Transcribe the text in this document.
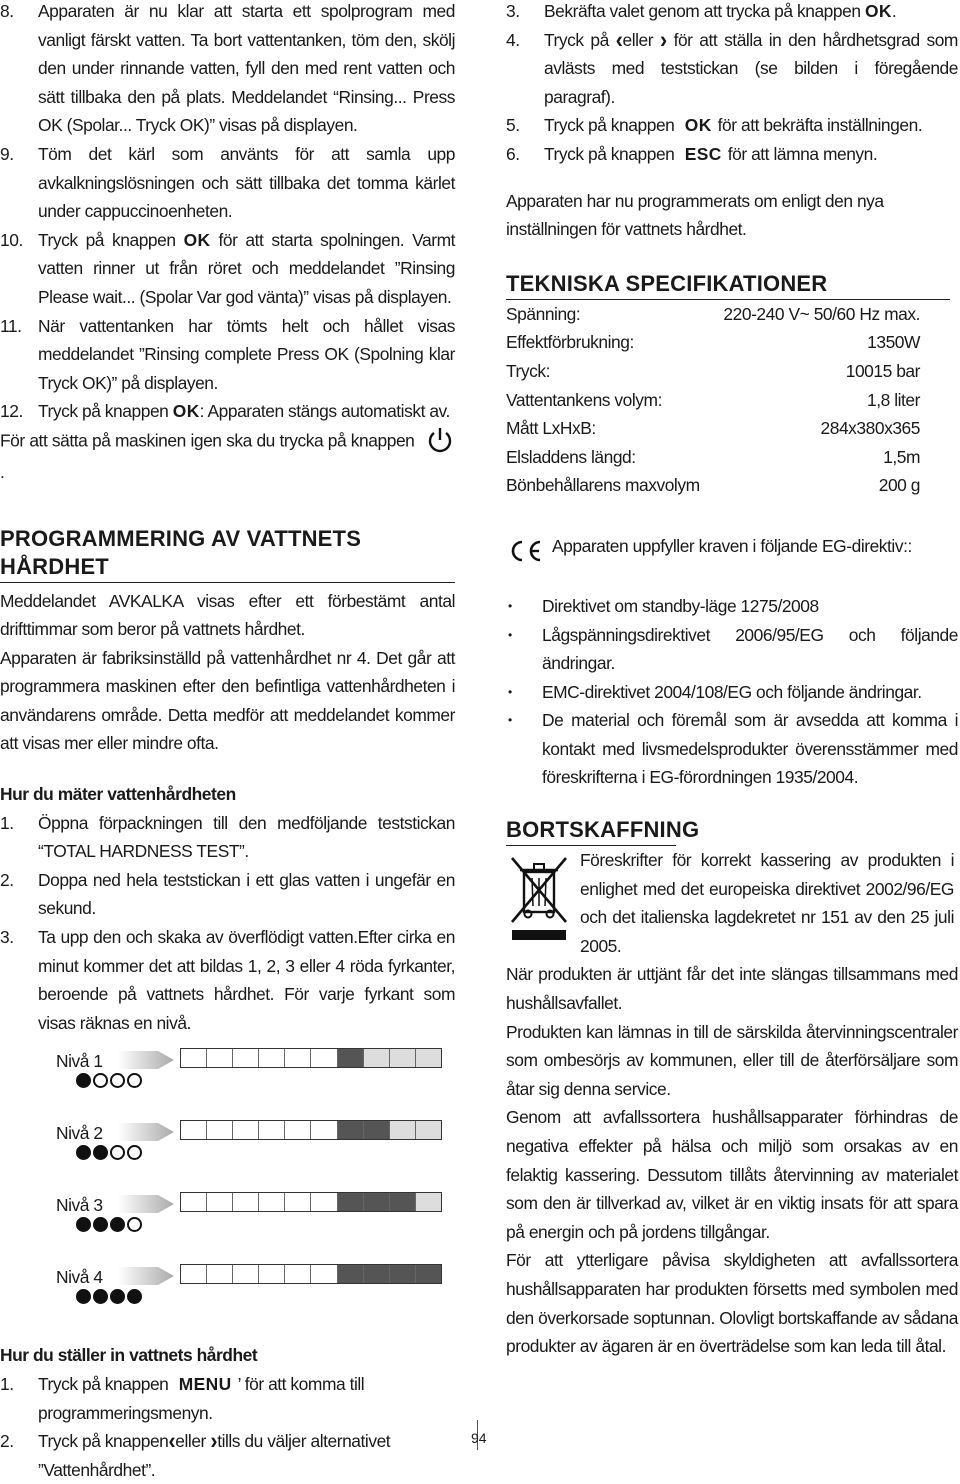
8.	Apparaten är nu klar att starta ett spolprogram med vanligt färskt vatten. Ta bort vattentanken, töm den, skölj den under rinnande vatten, fyll den med rent vatten och sätt tillbaka den på plats. Meddelandet “Rinsing... Press OK (Spolar... Tryck OK)” visas på displayen.
9.	Töm det kärl som använts för att samla upp avkalkningslösningen och sätt tillbaka det tomma kärlet under cappuccinoenheten.
10. Tryck på knappen OK för att starta spolningen. Varmt vatten rinner ut från röret och meddelandet ”Rinsing Please wait... (Spolar Var god vänta)” visas på displayen.
11. När vattentanken har tömts helt och hållet visas meddelandet ”Rinsing complete Press OK (Spolning klar Tryck OK)” på displayen.
12. Tryck på knappen OK: Apparaten stängs automatiskt av.

För att sätta på maskinen igen ska du trycka på knappen .

PROGRAMMERING AV VATTNETS HÅRDHET

Meddelandet AVKALKA visas efter ett förbestämt antal drifttimmar som beror på vattnets hårdhet.

Apparaten är fabriksinställd på vattenhårdhet nr 4. Det går att programmera maskinen efter den befintliga vattenhårdheten i användarens område. Detta medför att meddelandet kommer att visas mer eller mindre ofta.

Hur du mäter vattenhårdheten
1.	Öppna förpackningen till den medföljande teststickan “TOTAL HARDNESS TEST”.
2.	Doppa ned hela teststickan i ett glas vatten i ungefär en sekund.
3.	Ta upp den och skaka av överflödigt vatten.Efter cirka en minut kommer det att bildas 1, 2, 3 eller 4 röda fyrkanter, beroende på vattnets hårdhet. För varje fyrkant som visas räknas en nivå.
Nivå 1
Nivå 2
Nivå 3
Nivå 4
Hur du ställer in vattnets hårdhet
1.	Tryck på knappen MENU ’ för att komma till programmeringsmenyn.
2.	Tryck på knappen‹eller ›tills du väljer alternativet ”Vattenhårdhet”.
3.	Bekräfta valet genom att trycka på knappen OK.
4.	Tryck på ‹eller › för att ställa in den hårdhetsgrad som avlästs med teststickan (se bilden i föregående paragraf).
5.	Tryck på knappen OK för att bekräfta inställningen.
6.	Tryck på knappen ESC för att lämna menyn.

Apparaten har nu programmerats om enligt den nya inställningen för vattnets hårdhet.

TEKNISKA SPECIFIKATIONER
Spänning:	220-240 V~ 50/60 Hz max.
Effektförbrukning:	1350W
Tryck:	10015 bar
Vattentankens volym:	1,8 liter
Mått LxHxB:	284x380x365
Elsladdens längd:	1,5m
Bönbehållarens maxvolym	200 g
Apparaten uppfyller kraven i följande EG-direktiv::
•	Direktivet om standby-läge 1275/2008
•	Lågspänningsdirektivet 2006/95/EG och följande ändringar.
•	EMC-direktivet 2004/108/EG och följande ändringar.
•	De material och föremål som är avsedda att komma i kontakt med livsmedelsprodukter överensstämmer med föreskrifterna i EG-förordningen 1935/2004.
BORTSKAFFNING

Föreskrifter för korrekt kassering av produkten i enlighet med det europeiska direktivet 2002/96/EG och det italienska lagdekretet nr 151 av den 25 juli 2005.

När produkten är uttjänt får det inte slängas tillsammans med hushållsavfallet.

Produkten kan lämnas in till de särskilda återvinningscentraler som ombesörjs av kommunen, eller till de återförsäljare som åtar sig denna service.

Genom att avfallssortera hushållsapparater förhindras de negativa effekter på hälsa och miljö som orsakas av en felaktig kassering. Dessutom tillåts återvinning av materialet som den är tillverkad av, vilket är en viktig insats för att spara på energin och på jordens tillgångar.

För att ytterligare påvisa skyldigheten att avfallssortera hushållsapparaten har produkten försetts med symbolen med den överkorsade soptunnan. Olovligt bortskaffande av sådana produkter av ägaren är en överträdelse som kan leda till åtal.

94
